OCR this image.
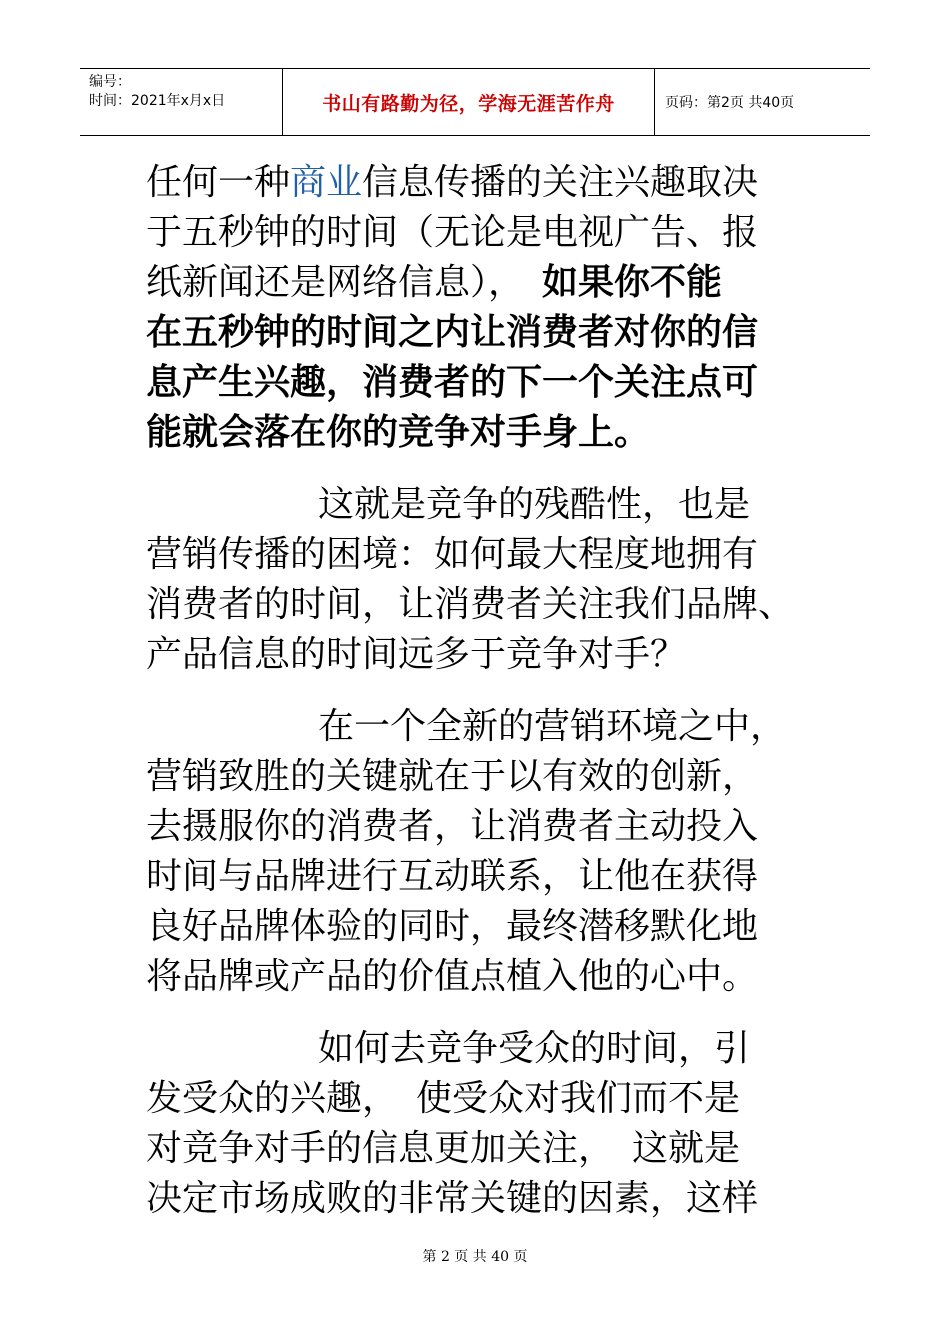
编号：
时间：2021年x月x日	书山有路勤为径，学海无涯苦作舟	页码：第2页 共40页

任何一种商业信息传播的关注兴趣取决
于五秒钟的时间（无论是电视广告、报
纸新闻还是网络信息），　如果你不能
在五秒钟的时间之内让消费者对你的信
息产生兴趣，消费者的下一个关注点可
能就会落在你的竞争对手身上。

这就是竞争的残酷性，也是
营销传播的困境：如何最大程度地拥有
消费者的时间，让消费者关注我们品牌、
产品信息的时间远多于竞争对手？

在一个全新的营销环境之中，
营销致胜的关键就在于以有效的创新，
去摄服你的消费者，让消费者主动投入
时间与品牌进行互动联系，让他在获得
良好品牌体验的同时，最终潜移默化地
将品牌或产品的价值点植入他的心中。

如何去竞争受众的时间，引
发受众的兴趣，　使受众对我们而不是
对竞争对手的信息更加关注，　这就是
决定市场成败的非常关键的因素，这样

第 2 页 共 40 页
